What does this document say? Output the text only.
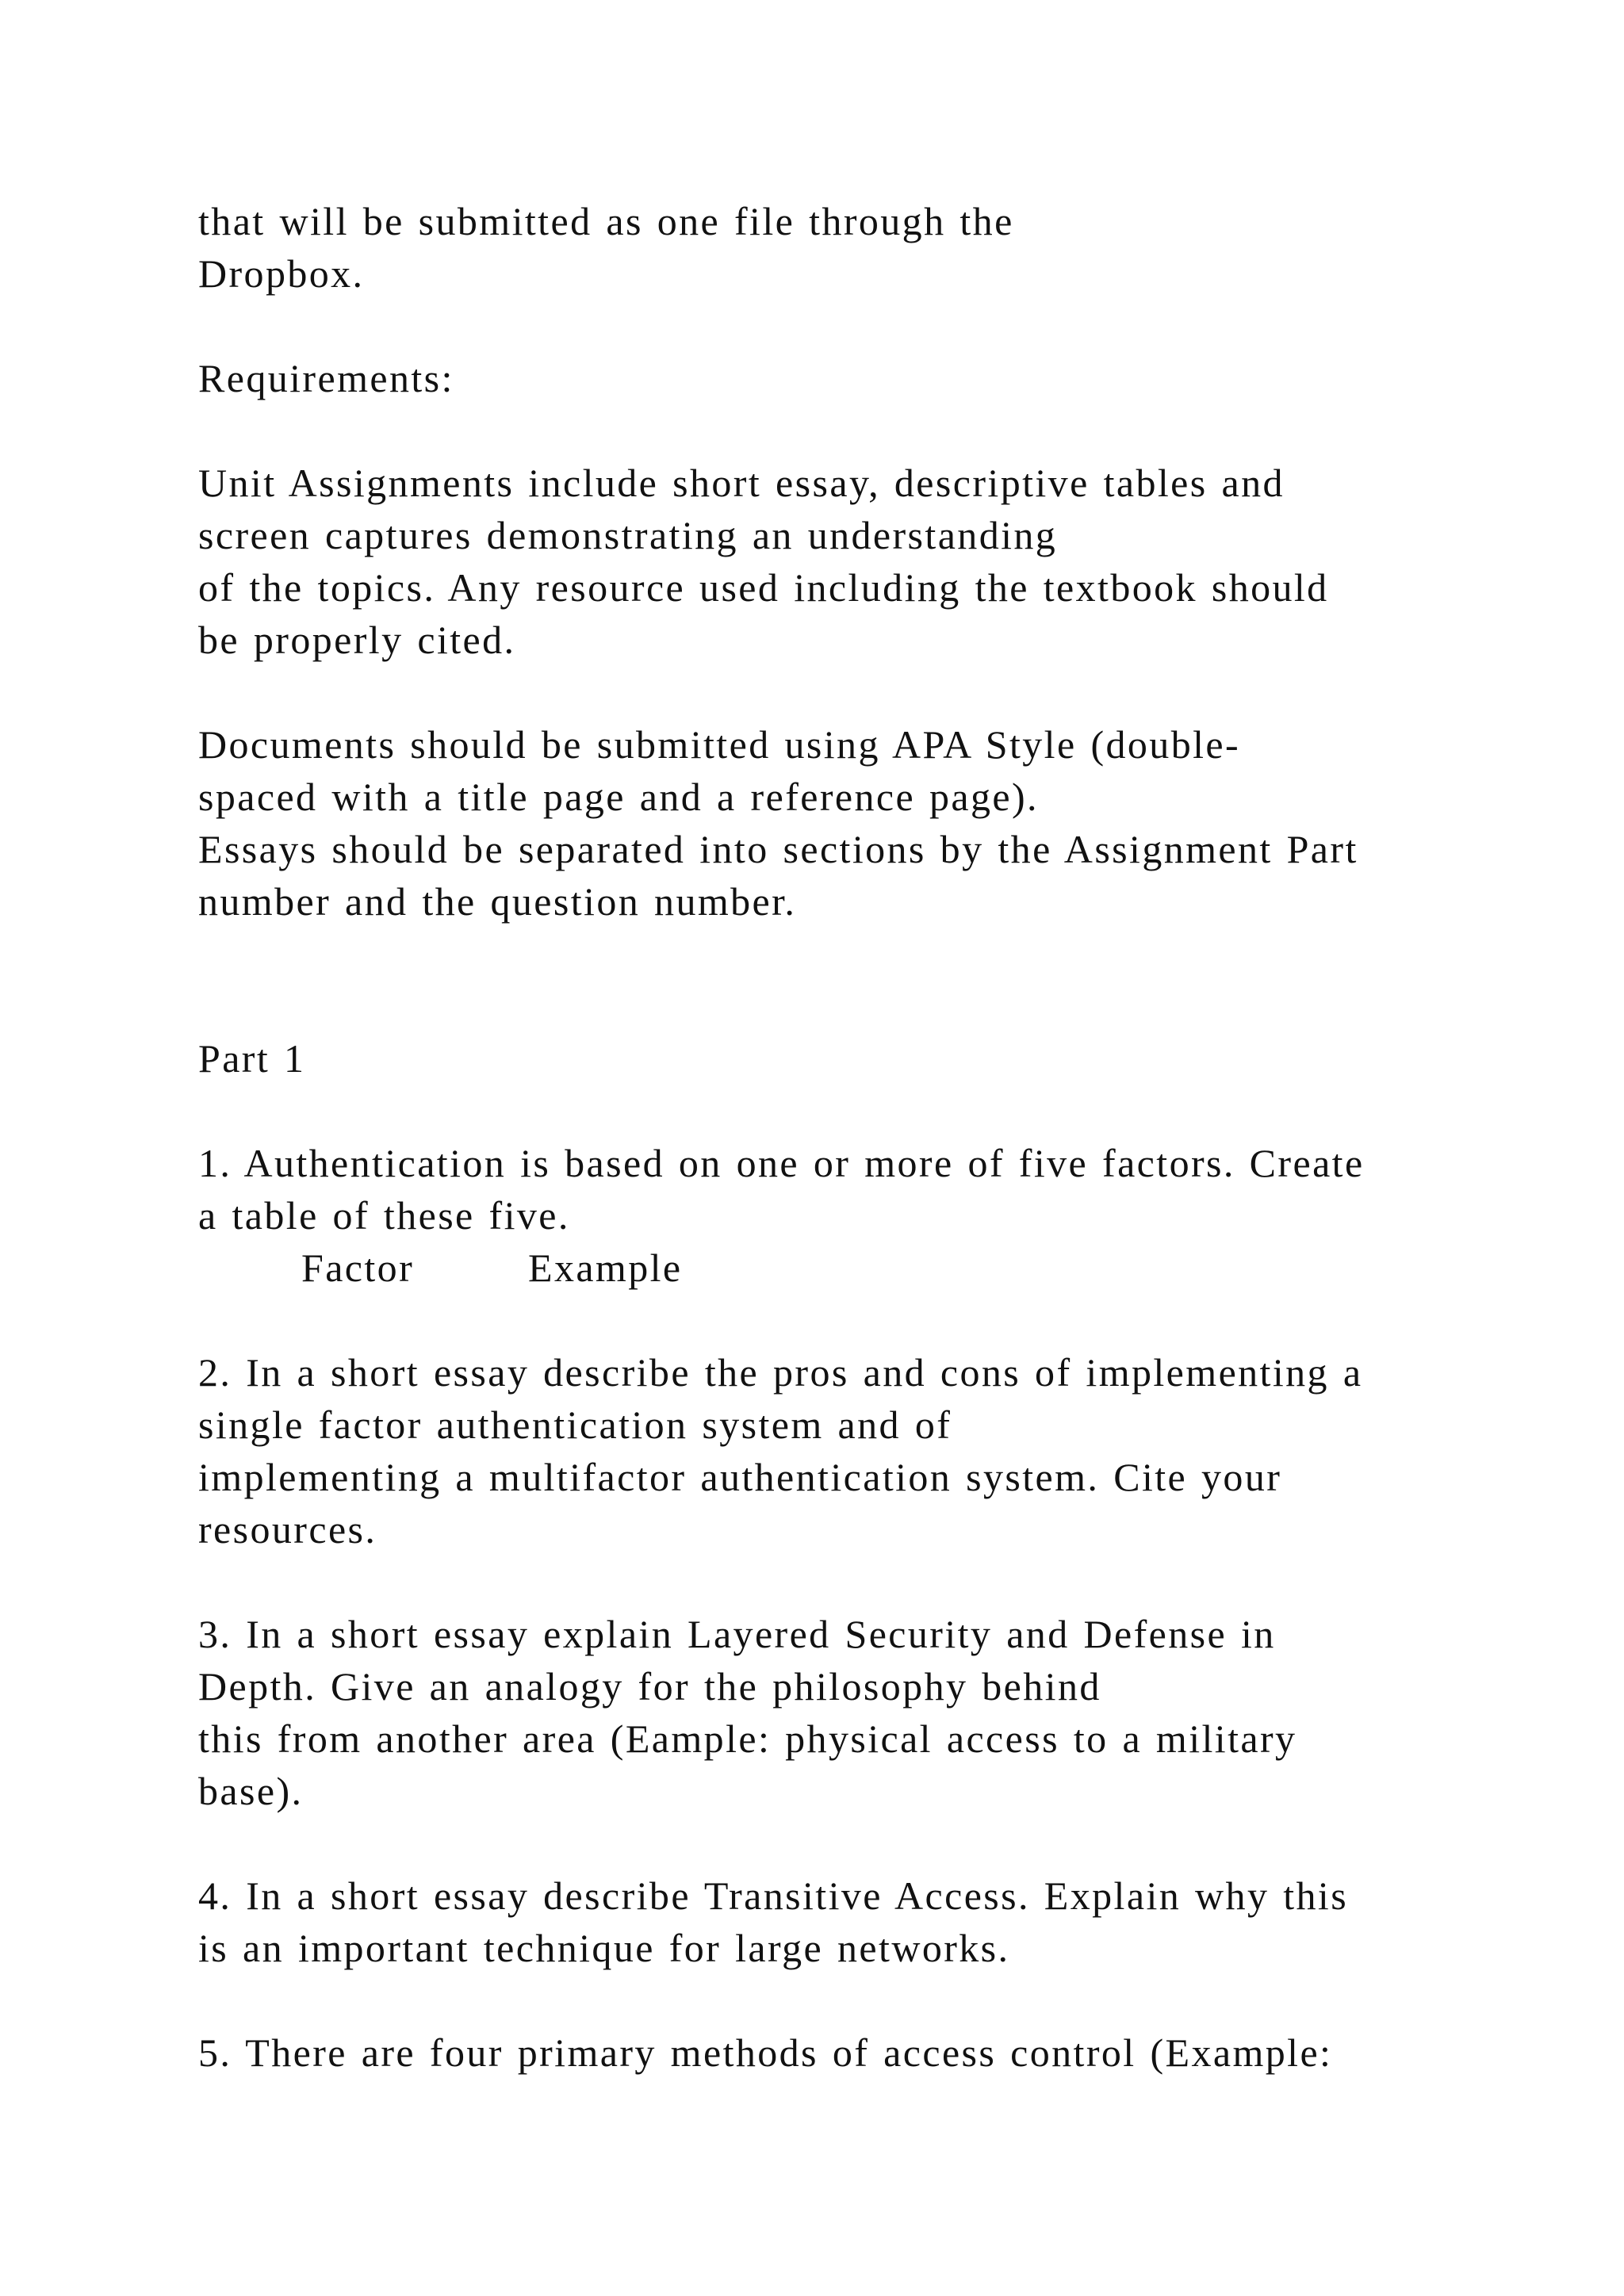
that will be submitted as one file through the
Dropbox.
Requirements:
Unit Assignments include short essay, descriptive tables and
screen captures demonstrating an understanding
of the topics. Any resource used including the textbook should
be properly cited.
Documents should be submitted using APA Style (double-
spaced with a title page and a reference page).
Essays should be separated into sections by the Assignment Part
number and the question number.
Part 1
1. Authentication is based on one or more of five factors. Create
a table of these five.
Factor	Example
2. In a short essay describe the pros and cons of implementing a
single factor authentication system and of
implementing a multifactor authentication system. Cite your
resources.
3. In a short essay explain Layered Security and Defense in
Depth. Give an analogy for the philosophy behind
this from another area (Eample: physical access to a military
base).
4. In a short essay describe Transitive Access. Explain why this
is an important technique for large networks.
5. There are four primary methods of access control (Example:
